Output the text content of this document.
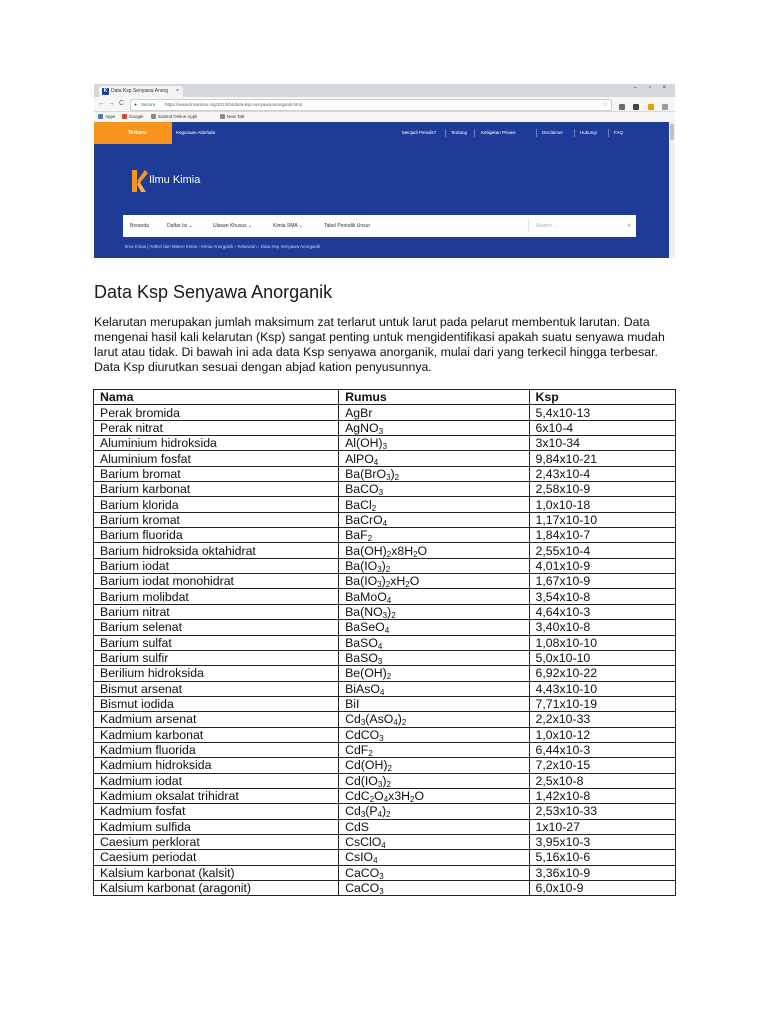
K Data Ksp Senyawa Anorg	×	– ▫ ×
← → C ● Secure https://www.ilmukimia.org/2013/04/data-ksp-senyawa-anorganik.html	☆

Apps	Google	Submit Online Appli	New Tab
Terbaru:	Kegunaan Aldehida	Menjadi Penulis?	Tentang	Kebijakan Privasi	Disclaimer	Hubungi	FAQ
Ilmu Kimia
Beranda	Daftar Isi ⌄	Ulasan Khusus ⌄	Kimia SMA ⌄	Tabel Periodik Unsur	Search ...	⌕
Ilmu Kimia | Artikel dan Materi Kimia › Kimia Anorganik › Kelarutan › Data Ksp Senyawa Anorganik
Data Ksp Senyawa Anorganik
Kelarutan merupakan jumlah maksimum zat terlarut untuk larut pada pelarut membentuk larutan. Data mengenai hasil kali kelarutan (Ksp) sangat penting untuk mengidentifikasi apakah suatu senyawa mudah larut atau tidak. Di bawah ini ada data Ksp senyawa anorganik, mulai dari yang terkecil hingga terbesar. Data Ksp diurutkan sesuai dengan abjad kation penyusunnya.
Nama	Rumus	Ksp
Perak bromida	AgBr	5,4x10-13
Perak nitrat	AgNO$_3$	6x10-4
Aluminium hidroksida	$Al(OH)_3$	3x10-34
Aluminium fosfat	AlPO$_4$	9,84x10-21
Barium bromat	$Ba(BrO_3)_2$	2,43x10-4
Barium karbonat	BaCO$_3$	2,58x10-9
Barium klorida	BaCl$_2$	1,0x10-18
Barium kromat	BaCrO$_4$	1,17x10-10
Barium fluorida	BaF$_2$	1,84x10-7
Barium hidroksida oktahidrat	$Ba(OH)_2x8H_2O$	2,55x10-4
Barium iodat	$Ba(IO_3)_2$	4,01x10-9
Barium iodat monohidrat	$Ba(IO_3)_2xH_2O$	1,67x10-9
Barium molibdat	BaMoO$_4$	3,54x10-8
Barium nitrat	$Ba(NO_3)_2$	4,64x10-3
Barium selenat	BaSeO$_4$	3,40x10-8
Barium sulfat	BaSO$_4$	1,08x10-10
Barium sulfir	BaSO$_3$	5,0x10-10
Berilium hidroksida	$Be(OH)_2$	6,92x10-22
Bismut arsenat	BiAsO$_4$	4,43x10-10
Bismut iodida	BiI	7,71x10-19
Kadmium arsenat	$Cd_3(AsO_4)_2$	2,2x10-33
Kadmium karbonat	CdCO$_3$	1,0x10-12
Kadmium fluorida	CdF$_2$	6,44x10-3
Kadmium hidroksida	$Cd(OH)_2$	7,2x10-15
Kadmium iodat	$Cd(IO_3)_2$	2,5x10-8
Kadmium oksalat trihidrat	$CdC_2O_4x3H_2O$	1,42x10-8
Kadmium fosfat	$Cd_3(P_4)_2$	2,53x10-33
Kadmium sulfida	CdS	1x10-27
Caesium perklorat	CsClO$_4$	3,95x10-3
Caesium periodat	CsIO$_4$	5,16x10-6
Kalsium karbonat (kalsit)	CaCO$_3$	3,36x10-9
Kalsium karbonat (aragonit)	CaCO$_3$	6,0x10-9
